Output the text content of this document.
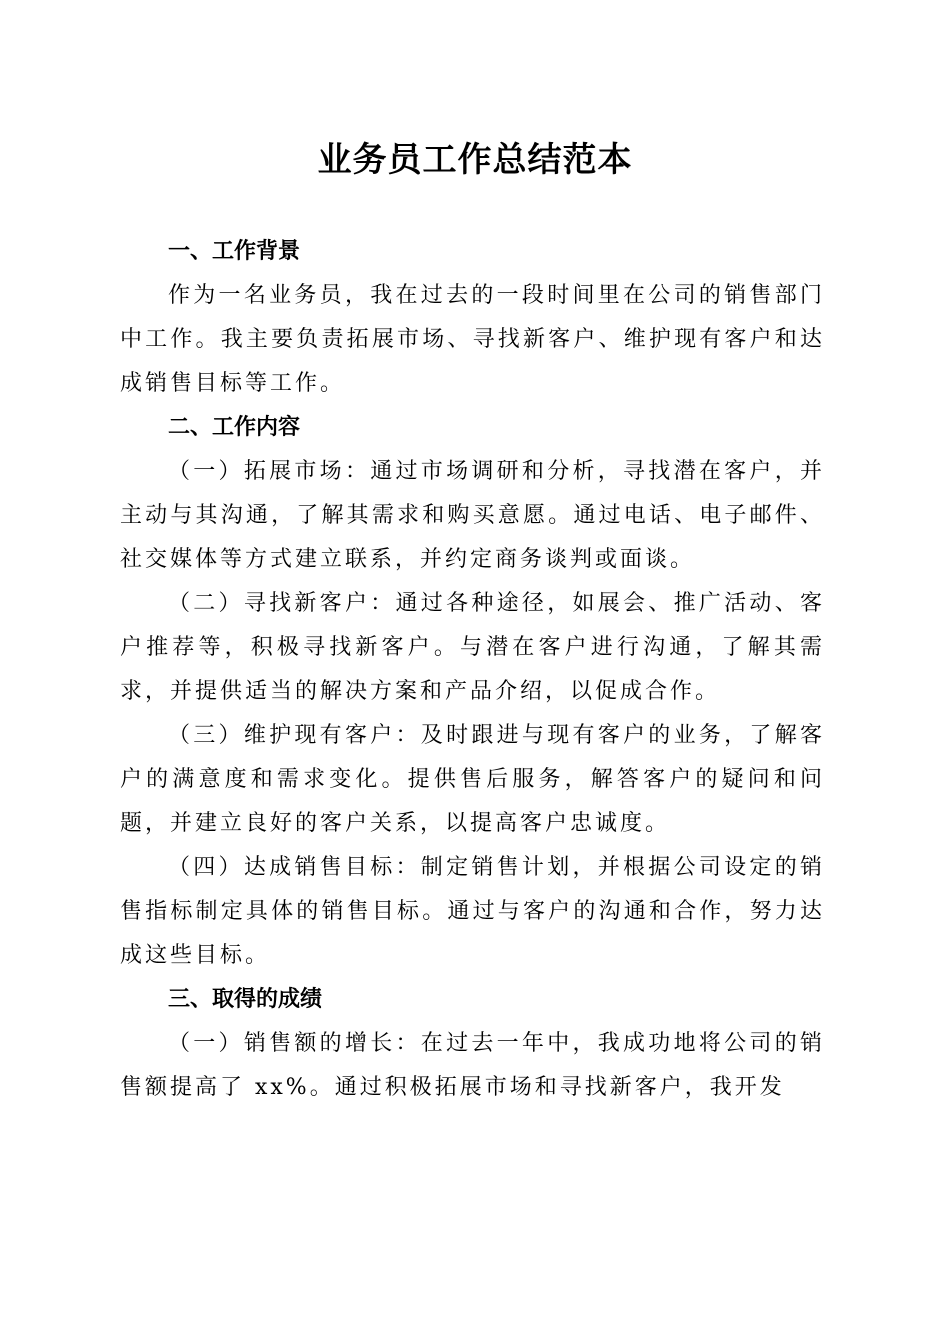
业务员工作总结范本
一、工作背景

作为一名业务员，我在过去的一段时间里在公司的销售部门中工作。我主要负责拓展市场、寻找新客户、维护现有客户和达成销售目标等工作。

二、工作内容

（一）拓展市场：通过市场调研和分析，寻找潜在客户，并主动与其沟通，了解其需求和购买意愿。通过电话、电子邮件、社交媒体等方式建立联系，并约定商务谈判或面谈。

（二）寻找新客户：通过各种途径，如展会、推广活动、客户推荐等，积极寻找新客户。与潜在客户进行沟通，了解其需求，并提供适当的解决方案和产品介绍，以促成合作。

（三）维护现有客户：及时跟进与现有客户的业务，了解客户的满意度和需求变化。提供售后服务，解答客户的疑问和问题，并建立良好的客户关系，以提高客户忠诚度。

（四）达成销售目标：制定销售计划，并根据公司设定的销售指标制定具体的销售目标。通过与客户的沟通和合作，努力达成这些目标。

三、取得的成绩

（一）销售额的增长：在过去一年中，我成功地将公司的销售额提高了 xx%。通过积极拓展市场和寻找新客户，我开发
